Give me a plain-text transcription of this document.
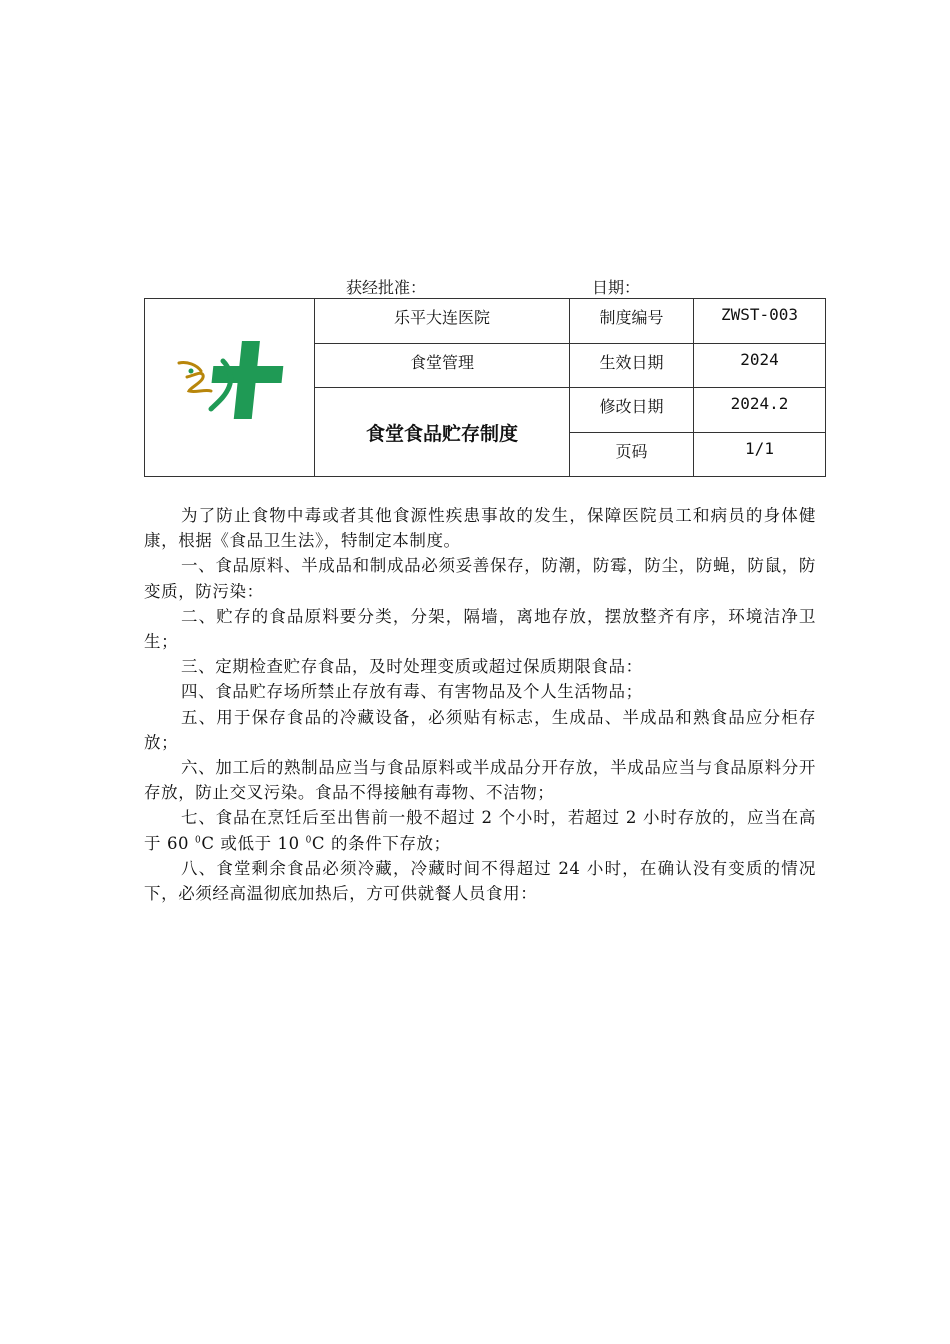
获经批准：	日期：
	乐平大连医院	制度编号	ZWST-003
	食堂管理	生效日期	2024
	食堂食品贮存制度	修改日期	2024.2
		页码	1/1

为了防止食物中毒或者其他食源性疾患事故的发生，保障医院员工和病员的身体健康，根据《食品卫生法》，特制定本制度。

一、食品原料、半成品和制成品必须妥善保存，防潮，防霉，防尘，防蝇，防鼠，防变质，防污染：

二、贮存的食品原料要分类，分架，隔墙，离地存放，摆放整齐有序，环境洁净卫生；

三、定期检查贮存食品，及时处理变质或超过保质期限食品：

四、食品贮存场所禁止存放有毒、有害物品及个人生活物品；

五、用于保存食品的冷藏设备，必须贴有标志，生成品、半成品和熟食品应分柜存放；

六、加工后的熟制品应当与食品原料或半成品分开存放，半成品应当与食品原料分开存放，防止交叉污染。食品不得接触有毒物、不洁物；

七、食品在烹饪后至出售前一般不超过 2 个小时，若超过 2 小时存放的，应当在高于 60 $^0$C 或低于 10 $^0$C 的条件下存放；

八、食堂剩余食品必须冷藏，冷藏时间不得超过 24 小时，在确认没有变质的情况下，必须经高温彻底加热后，方可供就餐人员食用：
